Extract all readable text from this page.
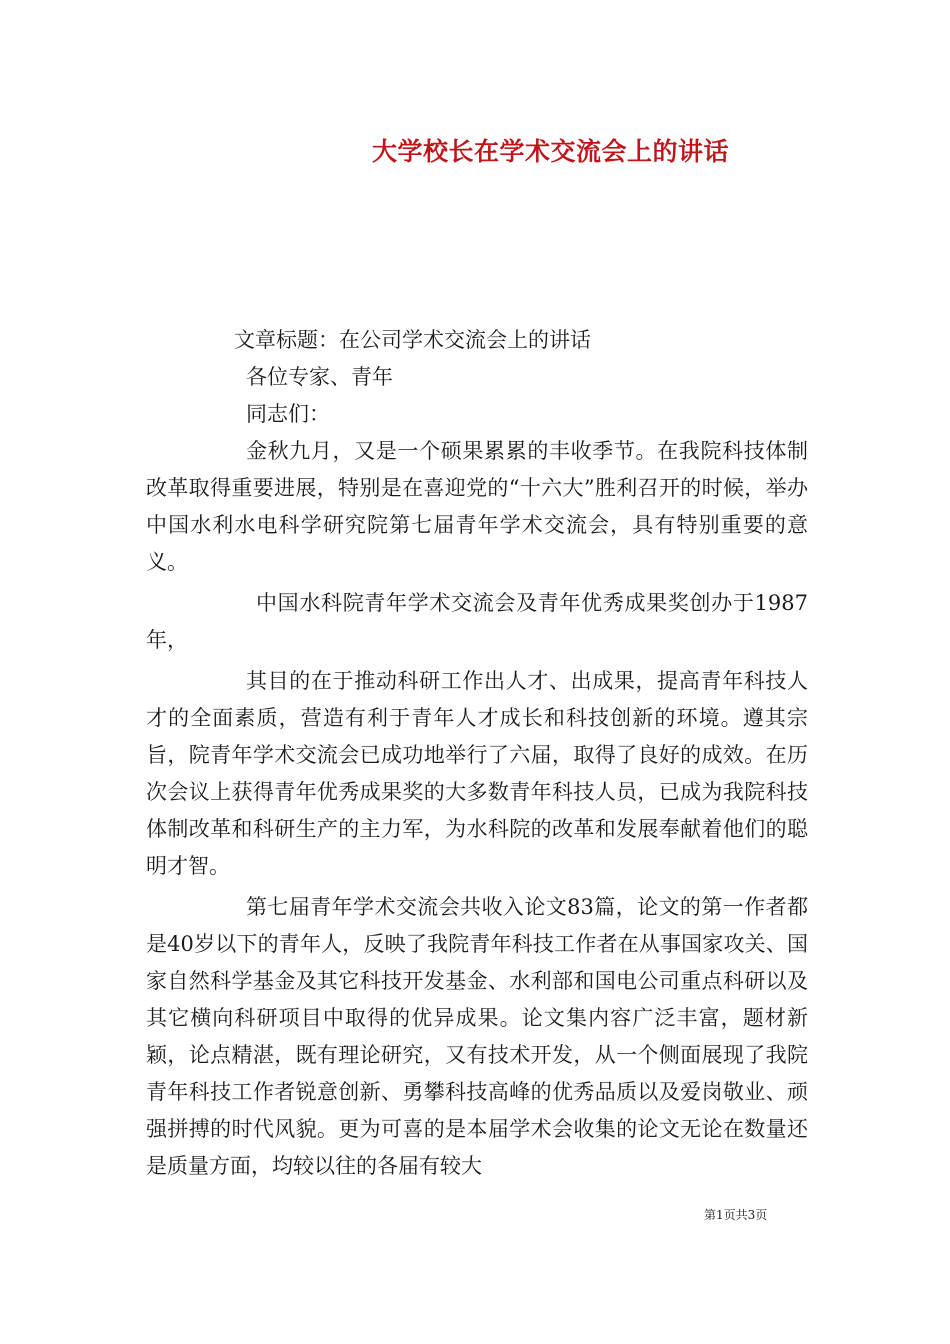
大学校长在学术交流会上的讲话

文章标题：在公司学术交流会上的讲话

各位专家、青年

同志们：

金秋九月，又是一个硕果累累的丰收季节。在我院科技体制改革取得重要进展，特别是在喜迎党的“十六大”胜利召开的时候，举办中国水利水电科学研究院第七届青年学术交流会，具有特别重要的意义。

中国水科院青年学术交流会及青年优秀成果奖创办于1987年，

其目的在于推动科研工作出人才、出成果，提高青年科技人才的全面素质，营造有利于青年人才成长和科技创新的环境。遵其宗旨，院青年学术交流会已成功地举行了六届，取得了良好的成效。在历次会议上获得青年优秀成果奖的大多数青年科技人员，已成为我院科技体制改革和科研生产的主力军，为水科院的改革和发展奉献着他们的聪明才智。

第七届青年学术交流会共收入论文83篇，论文的第一作者都是40岁以下的青年人，反映了我院青年科技工作者在从事国家攻关、国家自然科学基金及其它科技开发基金、水利部和国电公司重点科研以及其它横向科研项目中取得的优异成果。论文集内容广泛丰富，题材新颖，论点精湛，既有理论研究，又有技术开发，从一个侧面展现了我院青年科技工作者锐意创新、勇攀科技高峰的优秀品质以及爱岗敬业、顽强拼搏的时代风貌。更为可喜的是本届学术会收集的论文无论在数量还是质量方面，均较以往的各届有较大

第1页共3页
